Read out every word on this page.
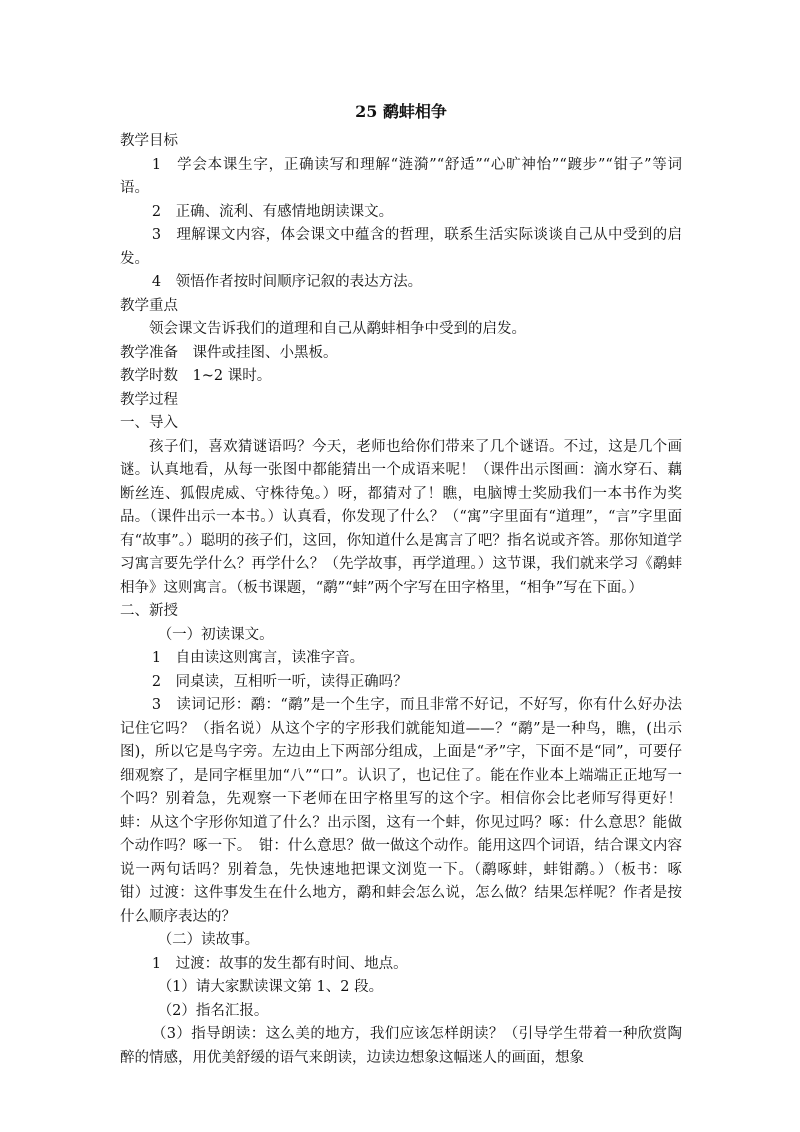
25 鹬蚌相争
教学目标
1　学会本课生字，正确读写和理解“涟漪”“舒适”“心旷神怡”“踱步”“钳子”等词语。
2　正确、流利、有感情地朗读课文。
3　理解课文内容，体会课文中蕴含的哲理，联系生活实际谈谈自己从中受到的启发。
4　领悟作者按时间顺序记叙的表达方法。
教学重点
领会课文告诉我们的道理和自己从鹬蚌相争中受到的启发。
教学准备　课件或挂图、小黑板。
教学时数　1~2 课时。
教学过程
一、导入
孩子们，喜欢猜谜语吗？今天，老师也给你们带来了几个谜语。不过，这是几个画谜。认真地看，从每一张图中都能猜出一个成语来呢！（课件出示图画：滴水穿石、藕断丝连、狐假虎威、守株待兔。）呀，都猜对了！瞧，电脑博士奖励我们一本书作为奖品。（课件出示一本书。）认真看，你发现了什么？（“寓”字里面有“道理”，“言”字里面有“故事”。）聪明的孩子们，这回，你知道什么是寓言了吧？指名说或齐答。那你知道学习寓言要先学什么？再学什么？（先学故事，再学道理。）这节课，我们就来学习《鹬蚌相争》这则寓言。（板书课题，“鹬”“蚌”两个字写在田字格里，“相争”写在下面。）
二、新授
（一）初读课文。
1　自由读这则寓言，读准字音。
2　同桌读，互相听一听，读得正确吗？
3　读词记形：鹬：“鹬”是一个生字，而且非常不好记，不好写，你有什么好办法记住它吗？（指名说）从这个字的字形我们就能知道——？“鹬”是一种鸟，瞧，(出示图)，所以它是鸟字旁。左边由上下两部分组成，上面是“矛”字，下面不是“同”，可要仔细观察了，是同字框里加“八”“口”。认识了，也记住了。能在作业本上端端正正地写一个吗？别着急，先观察一下老师在田字格里写的这个字。相信你会比老师写得更好！蚌：从这个字形你知道了什么？出示图，这有一个蚌，你见过吗？啄：什么意思？能做个动作吗？啄一下。　钳：什么意思？做一做这个动作。能用这四个词语，结合课文内容说一两句话吗？别着急，先快速地把课文浏览一下。（鹬啄蚌，蚌钳鹬。）（板书：啄　钳）过渡：这件事发生在什么地方，鹬和蚌会怎么说，怎么做？结果怎样呢？作者是按什么顺序表达的？
（二）读故事。
1　过渡：故事的发生都有时间、地点。
（1）请大家默读课文第 1、2 段。
（2）指名汇报。
（3）指导朗读：这么美的地方，我们应该怎样朗读？（引导学生带着一种欣赏陶醉的情感，用优美舒缓的语气来朗读，边读边想象这幅迷人的画面，想象
